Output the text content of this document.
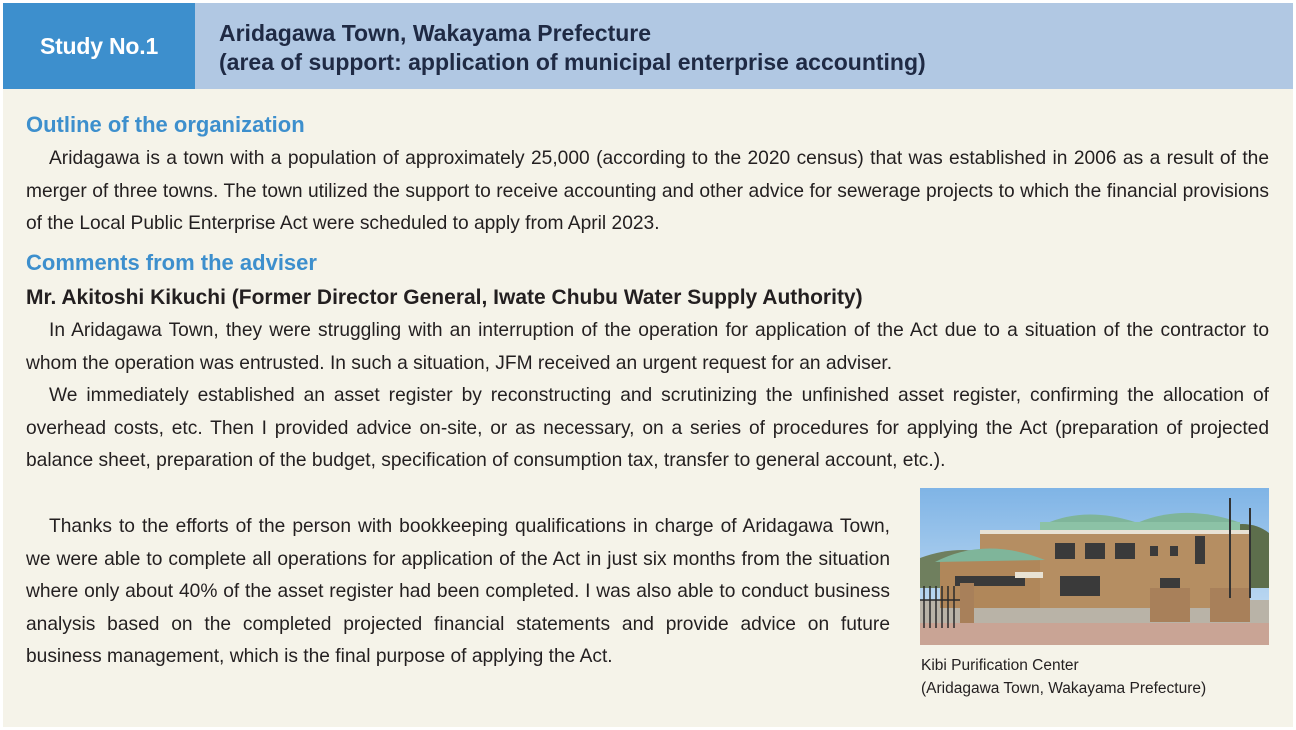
Study No.1	Aridagawa Town, Wakayama Prefecture
(area of support: application of municipal enterprise accounting)
Outline of the organization

Aridagawa is a town with a population of approximately 25,000 (according to the 2020 census) that was established in 2006 as a result of the merger of three towns. The town utilized the support to receive accounting and other advice for sewerage projects to which the financial provisions of the Local Public Enterprise Act were scheduled to apply from April 2023.

Comments from the adviser
Mr. Akitoshi Kikuchi (Former Director General, Iwate Chubu Water Supply Authority)

In Aridagawa Town, they were struggling with an interruption of the operation for application of the Act due to a situation of the contractor to whom the operation was entrusted. In such a situation, JFM received an urgent request for an adviser.

We immediately established an asset register by reconstructing and scrutinizing the unfinished asset register, confirming the allocation of overhead costs, etc. Then I provided advice on-site, or as necessary, on a series of procedures for applying the Act (preparation of projected balance sheet, preparation of the budget, specification of consumption tax, transfer to general account, etc.).

Thanks to the efforts of the person with bookkeeping qualifications in charge of Aridagawa Town, we were able to complete all operations for application of the Act in just six months from the situation where only about 40% of the asset register had been completed. I was also able to conduct business analysis based on the completed projected financial statements and provide advice on future business management, which is the final purpose of applying the Act.	Kibi Purification Center
(Aridagawa Town, Wakayama Prefecture)
